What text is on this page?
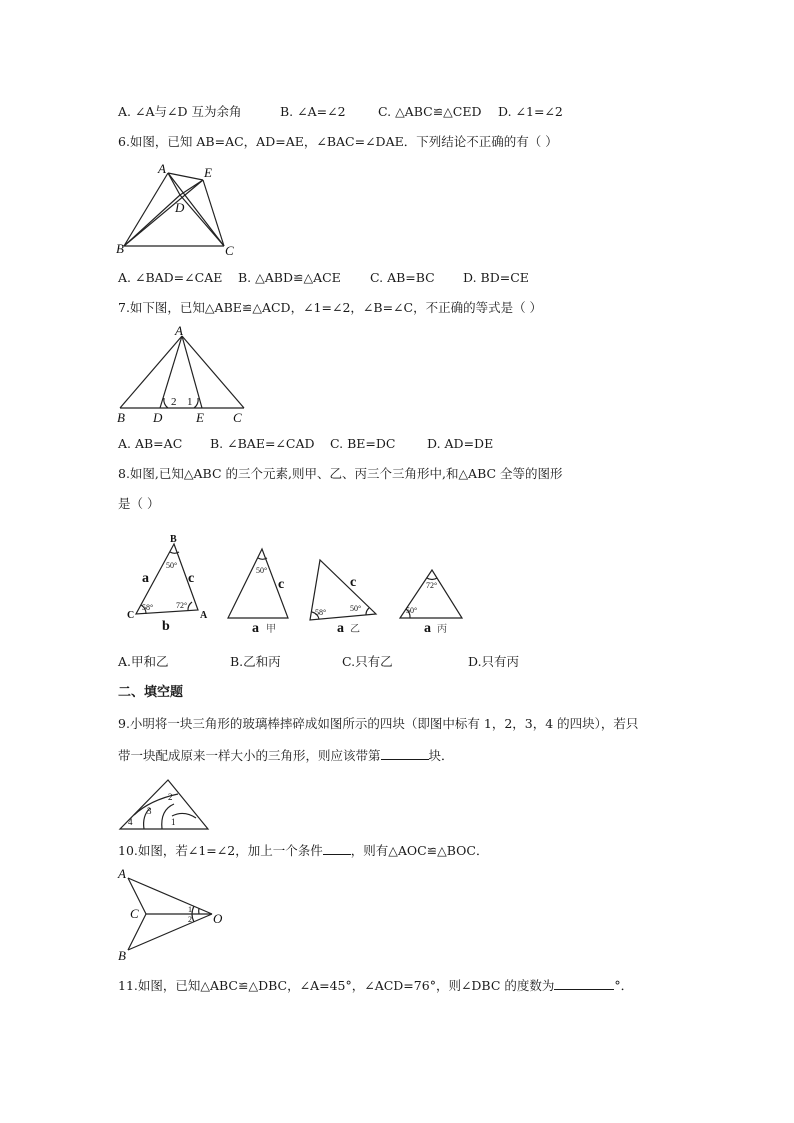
A. ∠A与∠D 互为余角	B. ∠A=∠2	C. △ABC≌△CED D. ∠1=∠2
6.如图，已知 AB=AC，AD=AE，∠BAC=∠DAE．下列结论不正确的有（ ）
A	E
D
B	C
A. ∠BAD=∠CAE B. △ABD≌△ACE C. AB=BC D. BD=CE
7.如下图，已知△ABE≌△ACD，∠1=∠2，∠B=∠C，不正确的等式是（ ）
A
B D	E C
2 1
A. AB=AC B. ∠BAE=∠CAD C. BE=DC	D. AD=DE
8.如图,已知△ABC 的三个元素,则甲、乙、丙三个三角形中,和△ABC 全等的图形
是（ ）
B
C	A
a	c
b
50°
58°	72°
50°
c
a 甲
58°	50°
c
a 乙
72°
50°
a 丙
A.甲和乙	B.乙和丙	C.只有乙	D.只有丙
二、填空题
9.小明将一块三角形的玻璃棒摔碎成如图所示的四块（即图中标有 1，2，3，4 的四块），若只
带一块配成原来一样大小的三角形，则应该带第	块．
4
3
2
1
10.如图，若∠1=∠2，加上一个条件 ，则有△AOC≌△BOC．
A
C
B
O
1
2
11.如图，已知△ABC≌△DBC，∠A=45°，∠ACD=76°，则∠DBC 的度数为	°．
